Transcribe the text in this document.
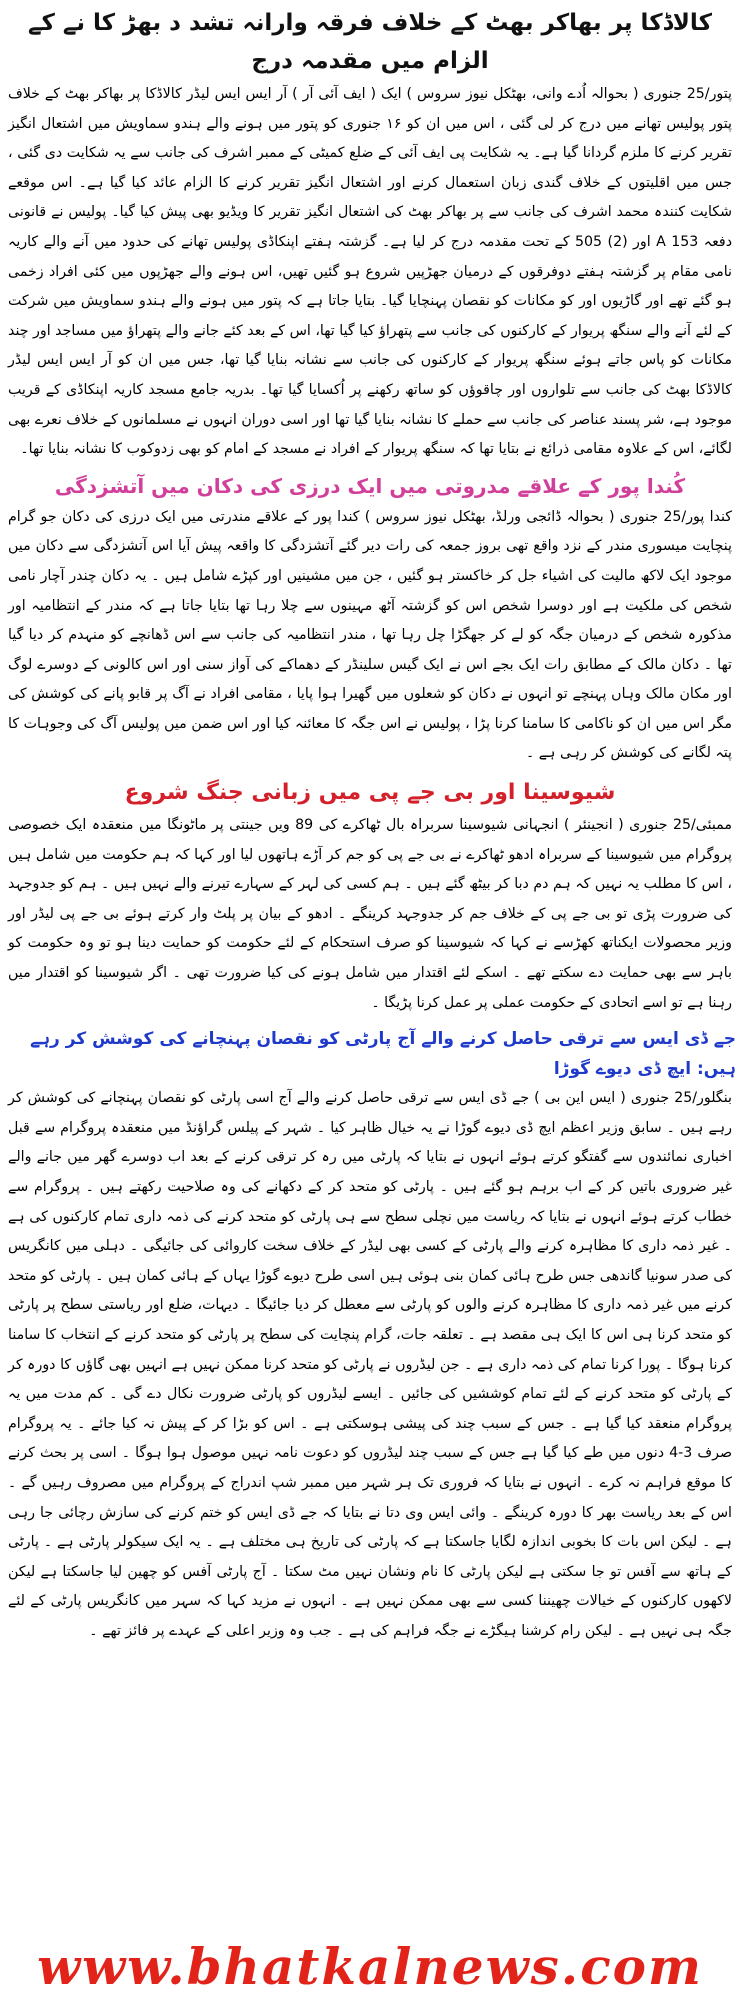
کالاڈکا پر بھاکر بھٹ کے خلاف فرقہ وارانہ تشد د بھڑ کا نے کے الزام میں مقدمہ درج
پتور/25 جنوری ( بحوالہ اُدے وانی، بھٹکل نیوز سروس ) ایک ( ایف آئی آر ) آر ایس ایس لیڈر کالاڈکا پر بھاکر بھٹ کے خلاف پتور پولیس تھانے میں درج کر لی گئی ، اس میں ان کو ۱۶ جنوری کو پتور میں ہونے والے ہندو سماویش میں اشتعال انگیز تقریر کرنے کا ملزم گردانا گیا ہے۔ یہ شکایت پی ایف آئی کے ضلع کمیٹی کے ممبر اشرف کی جانب سے یہ شکایت دی گئی ، جس میں اقلیتوں کے خلاف گندی زبان استعمال کرنے اور اشتعال انگیز تقریر کرنے کا الزام عائد کیا گیا ہے۔ اس موقعے شکایت کنندہ محمد اشرف کی جانب سے پر بھاکر بھٹ کی اشتعال انگیز تقریر کا ویڈیو بھی پیش کیا گیا۔ پولیس نے قانونی دفعہ A 153 اور (2) 505 کے تحت مقدمہ درج کر لیا ہے۔ گزشتہ ہفتے اپنکاڈی پولیس تھانے کی حدود میں آنے والے کاریہ نامی مقام پر گزشتہ ہفتے دوفرقوں کے درمیان جھڑپیں شروع ہو گئیں تھیں، اس ہونے والے جھڑپوں میں کئی افراد زخمی ہو گئے تھے اور گاڑیوں اور کو مکانات کو نقصان پہنچایا گیا۔ بتایا جاتا ہے کہ پتور میں ہونے والے ہندو سماویش میں شرکت کے لئے آنے والے سنگھ پریوار کے کارکنوں کی جانب سے پتھراؤ کیا گیا تھا، اس کے بعد کئے جانے والے پتھراؤ میں مساجد اور چند مکانات کو پاس جاتے ہوئے سنگھ پریوار کے کارکنوں کی جانب سے نشانہ بنایا گیا تھا، جس میں ان کو آر ایس ایس لیڈر کالاڈکا بھٹ کی جانب سے تلواروں اور چاقوؤں کو ساتھ رکھنے پر اُکسایا گیا تھا۔ بدریہ جامع مسجد کاریہ اپنکاڈی کے قریب موجود ہے، شر پسند عناصر کی جانب سے حملے کا نشانہ بنایا گیا تھا اور اسی دوران انہوں نے مسلمانوں کے خلاف نعرے بھی لگائے، اس کے علاوہ مقامی ذرائع نے بتایا تھا کہ سنگھ پریوار کے افراد نے مسجد کے امام کو بھی زدوکوب کا نشانہ بنایا تھا۔
کُندا پور کے علاقے مدروتی میں ایک درزی کی دکان میں آتشزدگی
کندا پور/25 جنوری ( بحوالہ ڈائجی ورلڈ، بھٹکل نیوز سروس ) کندا پور کے علاقے مندرتی میں ایک درزی کی دکان جو گرام پنچایت میسوری مندر کے نزد واقع تھی بروز جمعہ کی رات دیر گئے آتشزدگی کا واقعہ پیش آیا اس آتشزدگی سے دکان میں موجود ایک لاکھ مالیت کی اشیاء جل کر خاکستر ہو گئیں ، جن میں مشینیں اور کپڑے شامل ہیں ۔ یہ دکان چندر آچار نامی شخص کی ملکیت ہے اور دوسرا شخص اس کو گزشتہ آٹھ مہینوں سے چلا رہا تھا بتایا جاتا ہے کہ مندر کے انتظامیہ اور مذکورہ شخص کے درمیان جگہ کو لے کر جھگڑا چل رہا تھا ، مندر انتظامیہ کی جانب سے اس ڈھانچے کو منہدم کر دیا گیا تھا ۔ دکان مالک کے مطابق رات ایک بجے اس نے ایک گیس سلینڈر کے دھماکے کی آواز سنی اور اس کالونی کے دوسرے لوگ اور مکان مالک وہاں پہنچے تو انہوں نے دکان کو شعلوں میں گھیرا ہوا پایا ، مقامی افراد نے آگ پر قابو پانے کی کوشش کی مگر اس میں ان کو ناکامی کا سامنا کرنا پڑا ، پولیس نے اس جگہ کا معائنہ کیا اور اس ضمن میں پولیس آگ کی وجوہات کا پتہ لگانے کی کوشش کر رہی ہے ۔
شیوسینا اور بی جے پی میں زبانی جنگ شروع
ممبئی/25 جنوری ( انجینئر ) انجہانی شیوسینا سربراہ بال ٹھاکرے کی 89 ویں جینتی پر ماٹونگا میں منعقدہ ایک خصوصی پروگرام میں شیوسینا کے سربراہ ادھو ٹھاکرے نے بی جے پی کو جم کر آڑے ہاتھوں لیا اور کہا کہ ہم حکومت میں شامل ہیں ، اس کا مطلب یہ نہیں کہ ہم دم دبا کر بیٹھ گئے ہیں ۔ ہم کسی کی لہر کے سہارے تیرنے والے نہیں ہیں ۔ ہم کو جدوجہد کی ضرورت پڑی تو بی جے پی کے خلاف جم کر جدوجہد کرینگے ۔ ادھو کے بیان پر پلٹ وار کرتے ہوئے بی جے پی لیڈر اور وزیر محصولات ایکناتھ کھڑسے نے کہا کہ شیوسینا کو صرف استحکام کے لئے حکومت کو حمایت دینا ہو تو وہ حکومت کو باہر سے بھی حمایت دے سکتے تھے ۔ اسکے لئے اقتدار میں شامل ہونے کی کیا ضرورت تھی ۔ اگر شیوسینا کو اقتدار میں رہنا ہے تو اسے اتحادی کے حکومت عملی پر عمل کرنا پڑیگا ۔
جے ڈی ایس سے ترقی حاصل کرنے والے آج پارٹی کو نقصان پہنچانے کی کوشش کر رہے ہیں: ایچ ڈی دیوے گوڑا
بنگلور/25 جنوری ( ایس این بی ) جے ڈی ایس سے ترقی حاصل کرنے والے آج اسی پارٹی کو نقصان پہنچانے کی کوشش کر رہے ہیں ۔ سابق وزیر اعظم ایچ ڈی دیوے گوڑا نے یہ خیال ظاہر کیا ۔ شہر کے پیلس گراؤنڈ میں منعقدہ پروگرام سے قبل اخباری نمائندوں سے گفتگو کرتے ہوئے انہوں نے بتایا کہ پارٹی میں رہ کر ترقی کرنے کے بعد اب دوسرے گھر میں جانے والے غیر ضروری باتیں کر کے اب برہم ہو گئے ہیں ۔ پارٹی کو متحد کر کے دکھانے کی وہ صلاحیت رکھتے ہیں ۔ پروگرام سے خطاب کرتے ہوئے انہوں نے بتایا کہ ریاست میں نچلی سطح سے ہی پارٹی کو متحد کرنے کی ذمہ داری تمام کارکنوں کی ہے ۔ غیر ذمہ داری کا مظاہرہ کرنے والے پارٹی کے کسی بھی لیڈر کے خلاف سخت کاروائی کی جائیگی ۔ دہلی میں کانگریس کی صدر سونیا گاندھی جس طرح ہائی کمان بنی ہوئی ہیں اسی طرح دیوے گوڑا یہاں کے ہائی کمان ہیں ۔ پارٹی کو متحد کرنے میں غیر ذمہ داری کا مظاہرہ کرنے والوں کو پارٹی سے معطل کر دیا جائیگا ۔ دیہات، ضلع اور ریاستی سطح پر پارٹی کو متحد کرنا ہی اس کا ایک ہی مقصد ہے ۔ تعلقہ جات، گرام پنچایت کی سطح پر پارٹی کو متحد کرنے کے انتخاب کا سامنا کرنا ہوگا ۔ پورا کرنا تمام کی ذمہ داری ہے ۔ جن لیڈروں نے پارٹی کو متحد کرنا ممکن نہیں ہے انہیں بھی گاؤں کا دورہ کر کے پارٹی کو متحد کرنے کے لئے تمام کوششیں کی جائیں ۔ ایسے لیڈروں کو پارٹی ضرورت نکال دے گی ۔ کم مدت میں یہ پروگرام منعقد کیا گیا ہے ۔ جس کے سبب چند کی پیشی ہوسکتی ہے ۔ اس کو بڑا کر کے پیش نہ کیا جائے ۔ یہ پروگرام صرف 3-4 دنوں میں طے کیا گیا ہے جس کے سبب چند لیڈروں کو دعوت نامہ نہیں موصول ہوا ہوگا ۔ اسی پر بحث کرنے کا موقع فراہم نہ کرے ۔ انہوں نے بتایا کہ فروری تک ہر شہر میں ممبر شپ اندراج کے پروگرام میں مصروف رہیں گے ۔ اس کے بعد ریاست بھر کا دورہ کرینگے ۔ وائی ایس وی دتا نے بتایا کہ جے ڈی ایس کو ختم کرنے کی سازش رچائی جا رہی ہے ۔ لیکن اس بات کا بخوبی اندازہ لگایا جاسکتا ہے کہ پارٹی کی تاریخ ہی مختلف ہے ۔ یہ ایک سیکولر پارٹی ہے ۔ پارٹی کے ہاتھ سے آفس تو جا سکتی ہے لیکن پارٹی کا نام ونشان نہیں مٹ سکتا ۔ آج پارٹی آفس کو چھین لیا جاسکتا ہے لیکن لاکھوں کارکنوں کے خیالات چھیننا کسی سے بھی ممکن نہیں ہے ۔ انہوں نے مزید کہا کہ سہر میں کانگریس پارٹی کے لئے جگہ ہی نہیں ہے ۔ لیکن رام کرشنا ہیگڑے نے جگہ فراہم کی ہے ۔ جب وہ وزیر اعلی کے عہدے پر فائز تھے ۔
www.bhatkalnews.com
